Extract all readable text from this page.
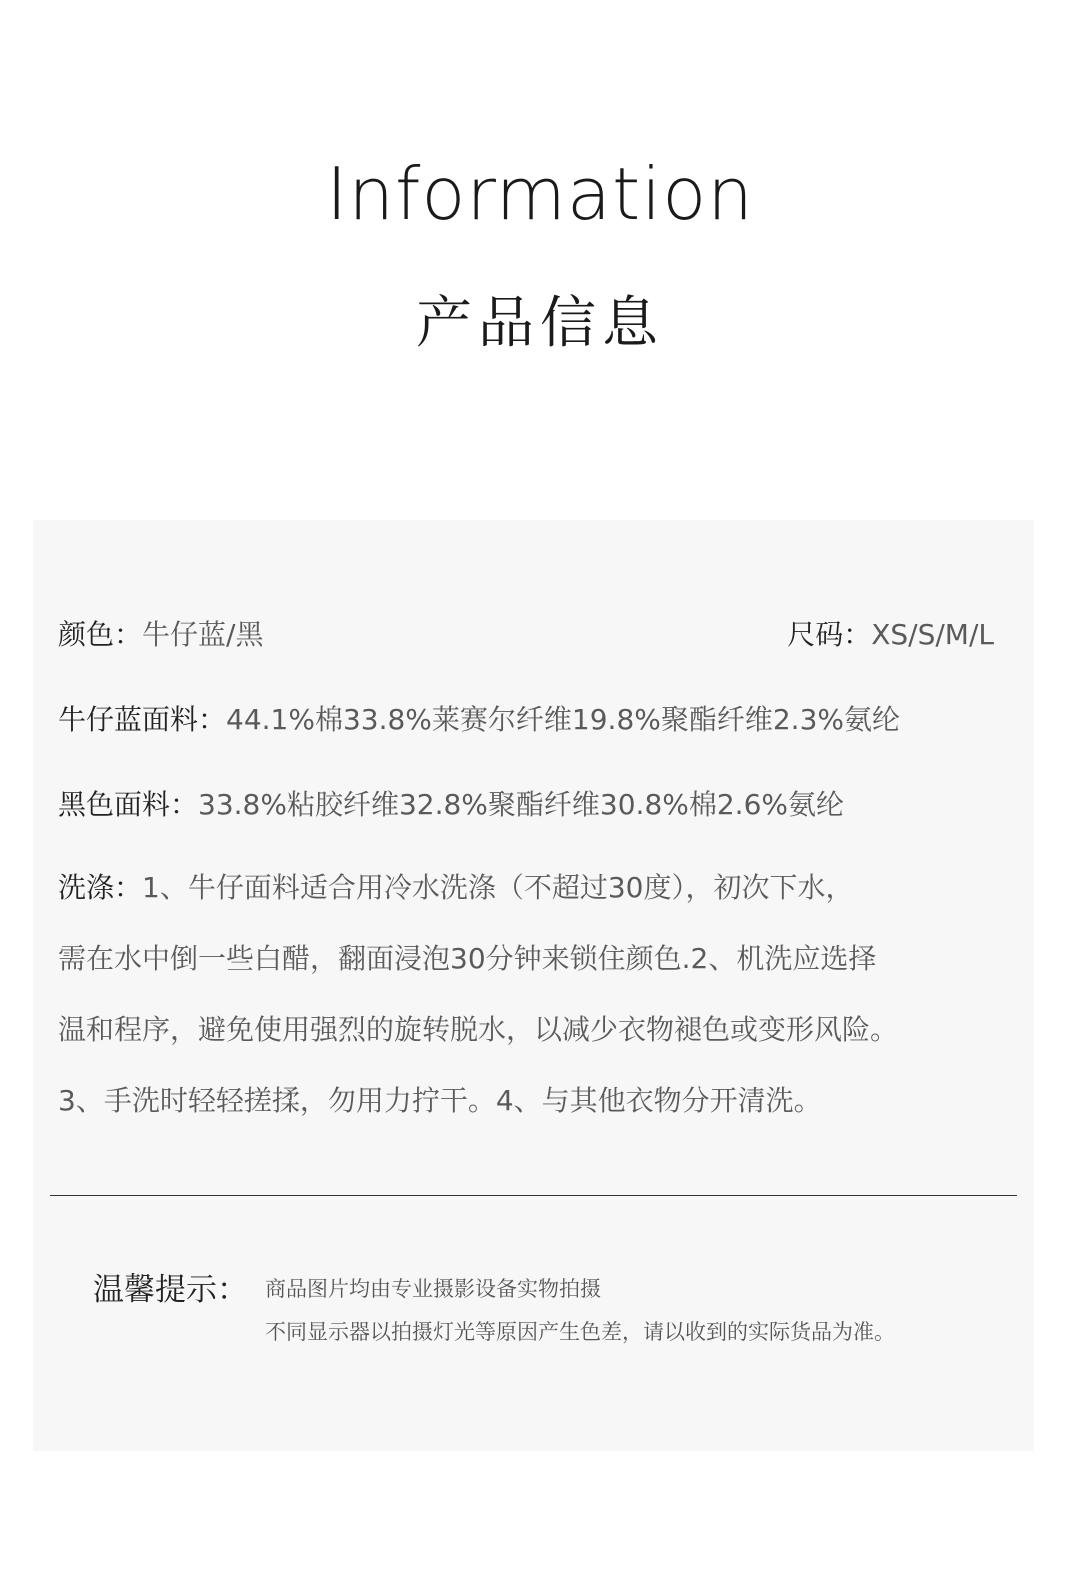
Information
产品信息
颜色：牛仔蓝/黑	尺码：XS/S/M/L
牛仔蓝面料：44.1%棉33.8%莱赛尔纤维19.8%聚酯纤维2.3%氨纶
黑色面料：33.8%粘胶纤维32.8%聚酯纤维30.8%棉2.6%氨纶
洗涤：1、牛仔面料适合用冷水洗涤（不超过30度），初次下水，
需在水中倒一些白醋，翻面浸泡30分钟来锁住颜色.2、机洗应选择
温和程序，避免使用强烈的旋转脱水，以减少衣物褪色或变形风险。
3、手洗时轻轻搓揉，勿用力拧干。4、与其他衣物分开清洗。
温馨提示： 商品图片均由专业摄影设备实物拍摄
不同显示器以拍摄灯光等原因产生色差，请以收到的实际货品为准。
